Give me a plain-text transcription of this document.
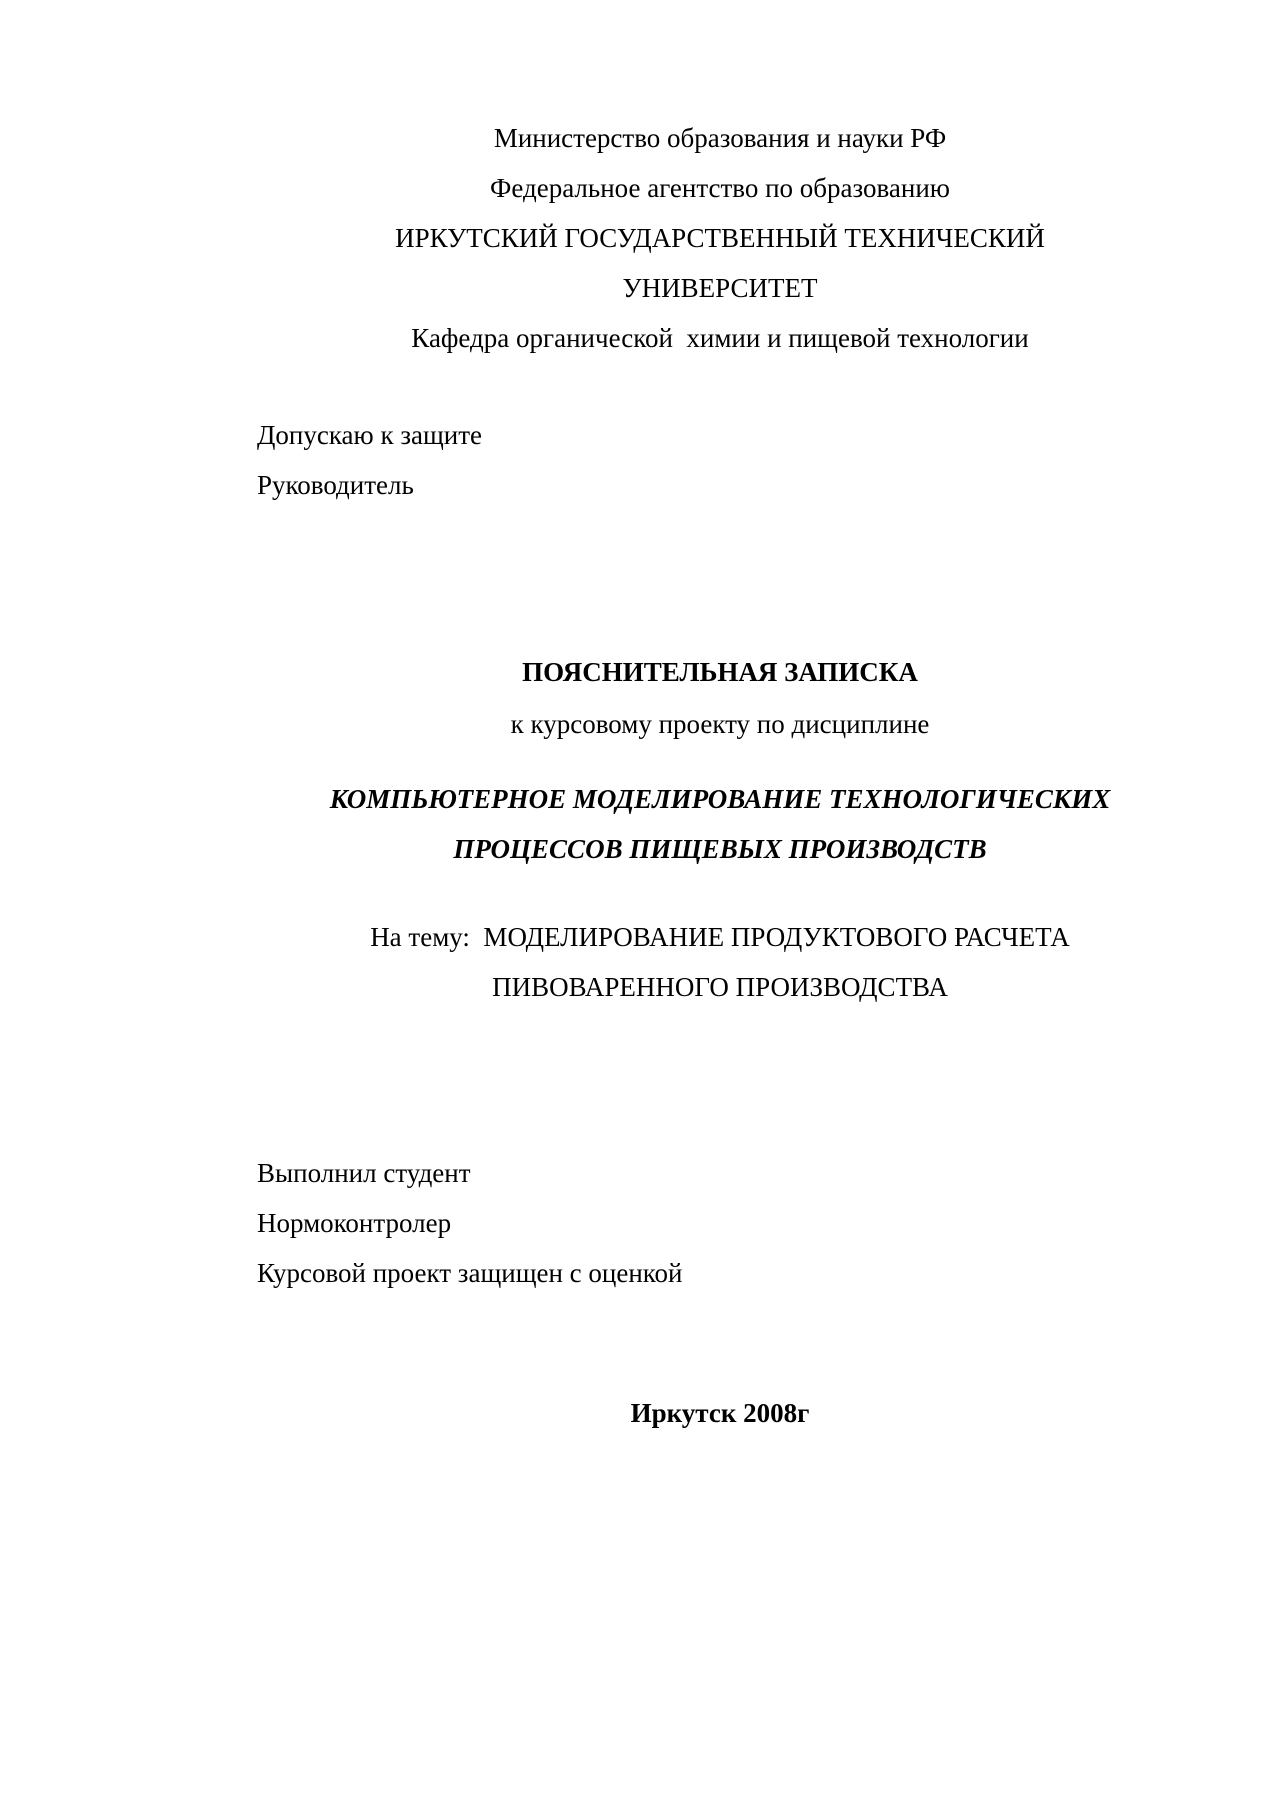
Министерство образования и науки РФ
Федеральное агентство по образованию
ИРКУТСКИЙ ГОСУДАРСТВЕННЫЙ ТЕХНИЧЕСКИЙ
УНИВЕРСИТЕТ
Кафедра органической  химии и пищевой технологии
Допускаю к защите
Руководитель
ПОЯСНИТЕЛЬНАЯ ЗАПИСКА
к курсовому проекту по дисциплине
КОМПЬЮТЕРНОЕ МОДЕЛИРОВАНИЕ ТЕХНОЛОГИЧЕСКИХ
ПРОЦЕССОВ ПИЩЕВЫХ ПРОИЗВОДСТВ
На тему:  МОДЕЛИРОВАНИЕ ПРОДУКТОВОГО РАСЧЕТА
ПИВОВАРЕННОГО ПРОИЗВОДСТВА
Выполнил студент
Нормоконтролер
Курсовой проект защищен с оценкой
Иркутск 2008г
